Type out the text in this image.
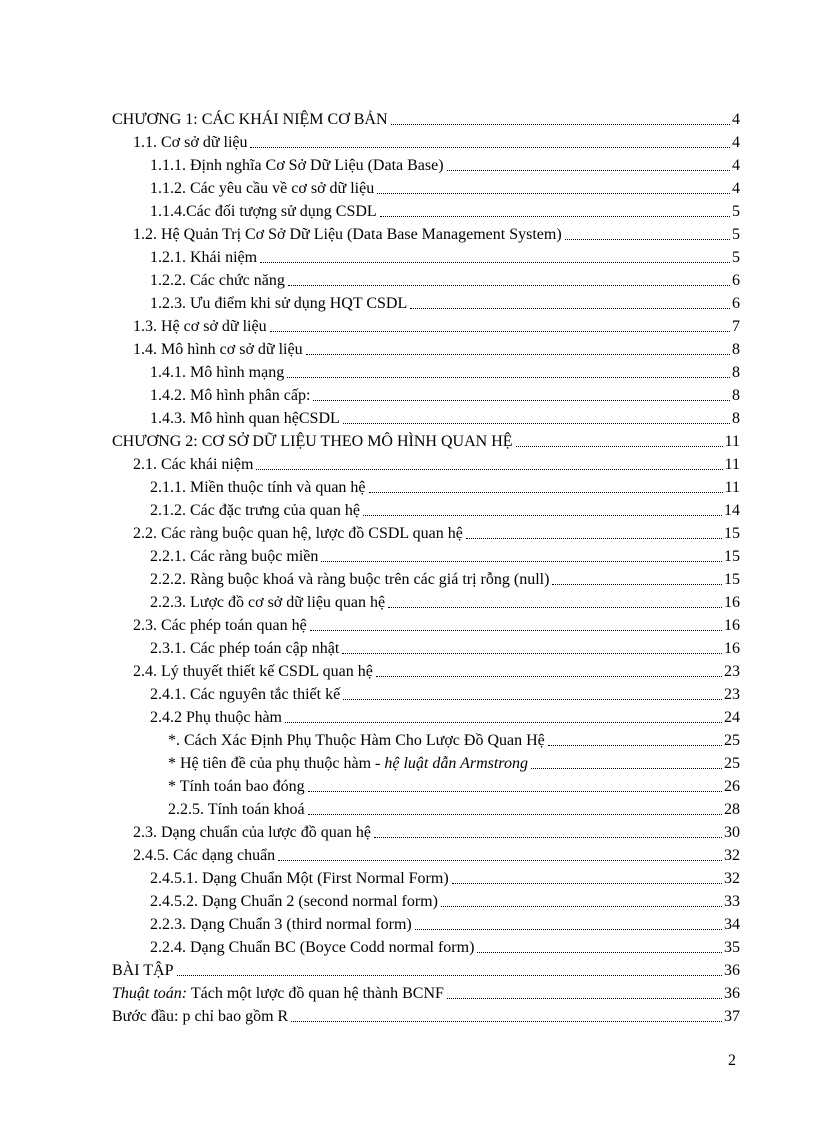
CHƯƠNG 1: CÁC KHÁI NIỆM CƠ BẢN	4
1.1. Cơ sở dữ liệu	4
1.1.1. Định nghĩa Cơ Sở Dữ Liệu (Data Base)	4
1.1.2. Các yêu cầu về cơ sở dữ liệu	4
1.1.4.Các đối tượng sử dụng CSDL	5
1.2. Hệ Quản Trị Cơ Sở Dữ Liệu (Data Base Management System)	5
1.2.1. Khái niệm	5
1.2.2. Các chức năng	6
1.2.3. Ưu điểm khi sử dụng HQT CSDL	6
1.3. Hệ cơ sở dữ liệu	7
1.4. Mô hình cơ sở dữ liệu	8
1.4.1. Mô hình mạng	8
1.4.2. Mô hình phân cấp:	8
1.4.3. Mô hình quan hệCSDL	8
CHƯƠNG 2: CƠ SỞ DỮ LIỆU THEO MÔ HÌNH QUAN HỆ	11
2.1. Các khái niệm	11
2.1.1. Miền thuộc tính và quan hệ	11
2.1.2. Các đặc trưng của quan hệ	14
2.2. Các ràng buộc quan hệ, lược đồ CSDL quan hệ	15
2.2.1. Các ràng buộc miền	15
2.2.2. Ràng buộc khoá và ràng buộc trên các giá trị rỗng (null)	15
2.2.3. Lược đồ cơ sở dữ liệu quan hệ	16
2.3. Các phép toán quan hệ	16
2.3.1. Các phép toán cập nhật	16
2.4. Lý thuyết thiết kế CSDL quan hệ	23
2.4.1. Các nguyên tắc thiết kế	23
2.4.2 Phụ thuộc hàm	24
*. Cách Xác Định Phụ Thuộc Hàm Cho Lược Đồ Quan Hệ	25
* Hệ tiên đề của phụ thuộc hàm - hệ luật dẫn Armstrong	25
* Tính toán bao đóng	26
2.2.5. Tính toán khoá	28
2.3. Dạng chuẩn của lược đồ quan hệ	30
2.4.5. Các dạng chuẩn	32
2.4.5.1. Dạng Chuẩn Một (First Normal Form)	32
2.4.5.2. Dạng Chuẩn 2 (second normal form)	33
2.2.3. Dạng Chuẩn 3 (third normal form)	34
2.2.4. Dạng Chuẩn BC (Boyce Codd normal form)	35
BÀI TẬP	36
Thuật toán: Tách một lược đồ quan hệ thành BCNF	36
Bước đầu: p chỉ bao gồm R	37
2
